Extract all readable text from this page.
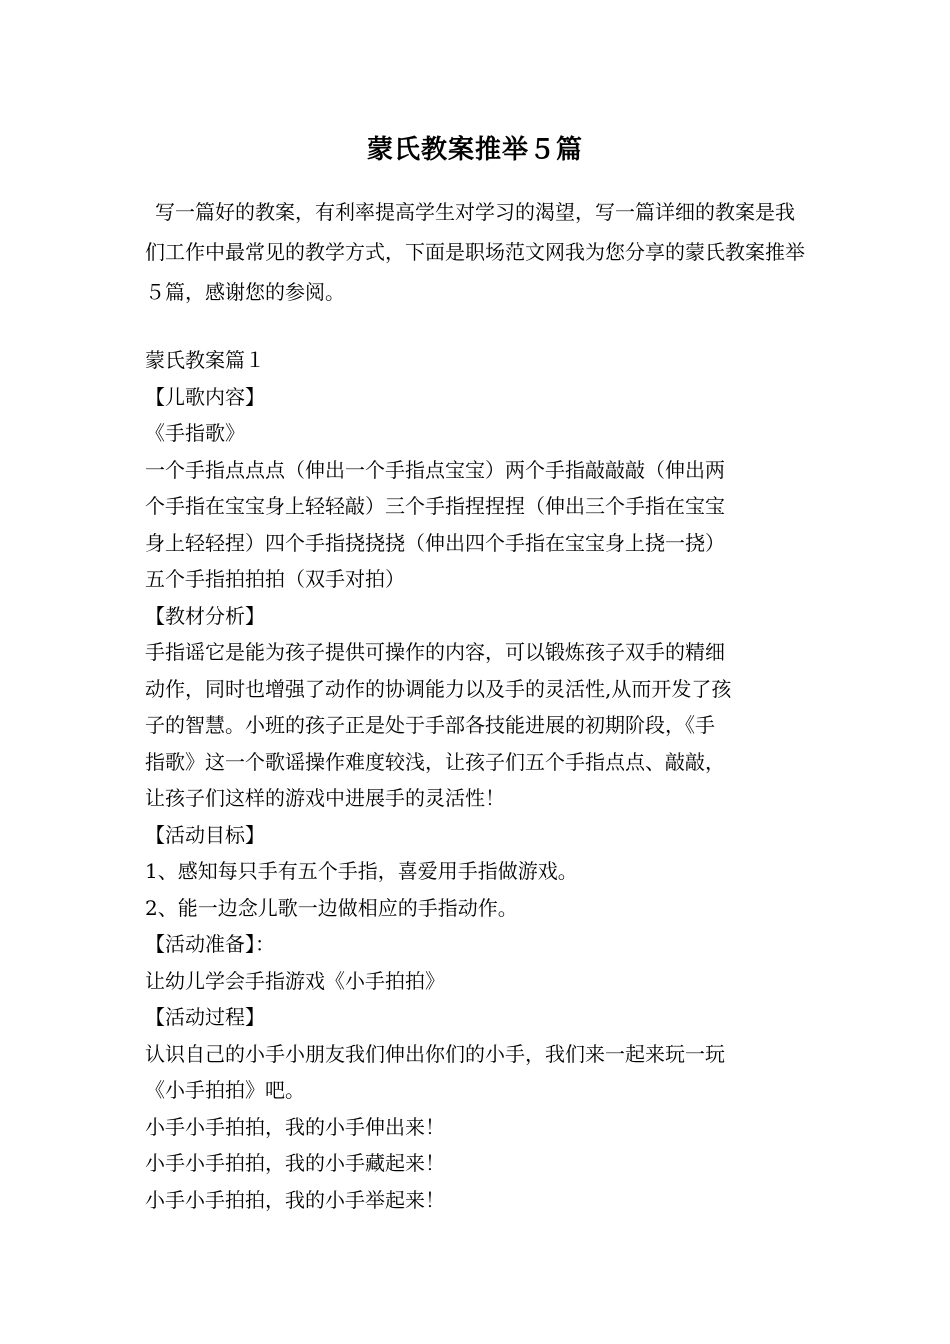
蒙氏教案推举５篇

写一篇好的教案，有利率提高学生对学习的渴望，写一篇详细的教案是我们工作中最常见的教学方式，下面是职场范文网我为您分享的蒙氏教案推举５篇，感谢您的参阅。

蒙氏教案篇１

【儿歌内容】

《手指歌》

一个手指点点点（伸出一个手指点宝宝）两个手指敲敲敲（伸出两

个手指在宝宝身上轻轻敲）三个手指捏捏捏（伸出三个手指在宝宝

身上轻轻捏）四个手指挠挠挠（伸出四个手指在宝宝身上挠一挠）

五个手指拍拍拍（双手对拍）

【教材分析】

手指谣它是能为孩子提供可操作的内容，可以锻炼孩子双手的精细

动作，同时也增强了动作的协调能力以及手的灵活性,从而开发了孩

子的智慧。小班的孩子正是处于手部各技能进展的初期阶段，《手

指歌》这一个歌谣操作难度较浅，让孩子们五个手指点点、敲敲，

让孩子们这样的游戏中进展手的灵活性！

【活动目标】

1、感知每只手有五个手指，喜爱用手指做游戏。

2、能一边念儿歌一边做相应的手指动作。

【活动准备】：

让幼儿学会手指游戏《小手拍拍》

【活动过程】

认识自己的小手小朋友我们伸出你们的小手，我们来一起来玩一玩

《小手拍拍》吧。

小手小手拍拍，我的小手伸出来！

小手小手拍拍，我的小手藏起来！

小手小手拍拍，我的小手举起来！
